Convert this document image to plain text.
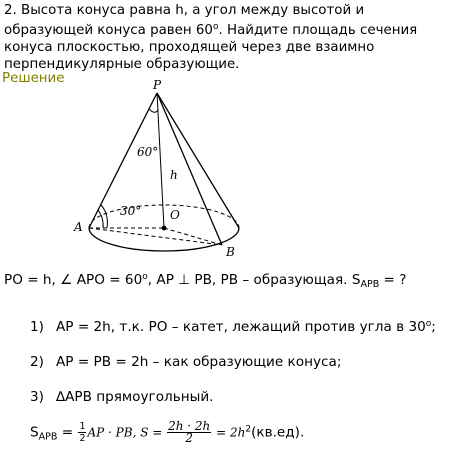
2. Высота конуса равна h, а угол между высотой и образующей конуса равен 60$^o$. Найдите площадь сечения конуса плоскостью, проходящей через две взаимно перпендикулярные образующие.
Решение	P
A
B
O
h
60°
30°
PO = h, ∠ APO = $60^o$, AP ⊥ PB, PB – образующая. $S_{APB}$ = ?
1) AP = 2h, т.к. PO – катет, лежащий против угла в 30$^o$;
2) AP = PB = 2h – как образующие конуса;
3) ∆APB прямоугольный.
$S_{APB} = \frac{1}{2}$ AP · PB, $S = \frac{2h \cdot 2h}{2} = 2h^2(кв.ед)$.
